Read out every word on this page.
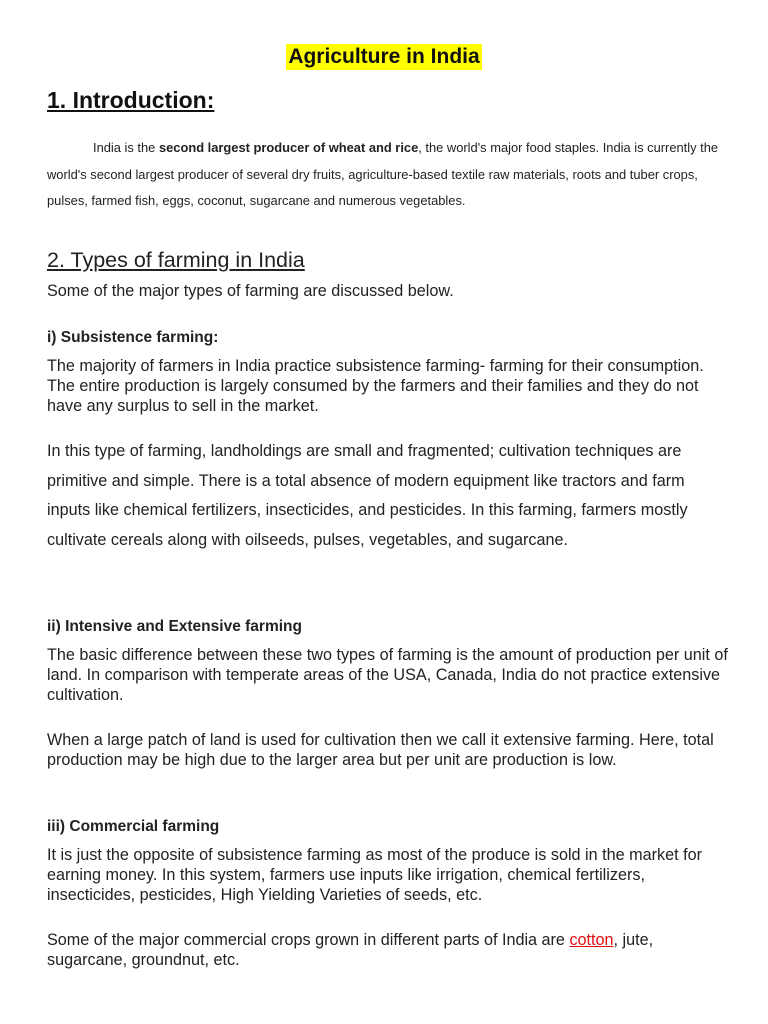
Agriculture in India
1. Introduction:

India is the second largest producer of wheat and rice, the world's major food staples. India is currently the world's second largest producer of several dry fruits, agriculture-based textile raw materials, roots and tuber crops, pulses, farmed fish, eggs, coconut, sugarcane and numerous vegetables.

2. Types of farming in India

Some of the major types of farming are discussed below.

i) Subsistence farming:

The majority of farmers in India practice subsistence farming- farming for their consumption. The entire production is largely consumed by the farmers and their families and they do not have any surplus to sell in the market.

In this type of farming, landholdings are small and fragmented; cultivation techniques are primitive and simple. There is a total absence of modern equipment like tractors and farm inputs like chemical fertilizers, insecticides, and pesticides. In this farming, farmers mostly cultivate cereals along with oilseeds, pulses, vegetables, and sugarcane.

ii) Intensive and Extensive farming

The basic difference between these two types of farming is the amount of production per unit of land. In comparison with temperate areas of the USA, Canada, India do not practice extensive cultivation.

When a large patch of land is used for cultivation then we call it extensive farming. Here, total production may be high due to the larger area but per unit are production is low.

iii) Commercial farming

It is just the opposite of subsistence farming as most of the produce is sold in the market for earning money. In this system, farmers use inputs like irrigation, chemical fertilizers, insecticides, pesticides, High Yielding Varieties of seeds, etc.

Some of the major commercial crops grown in different parts of India are cotton, jute, sugarcane, groundnut, etc.
